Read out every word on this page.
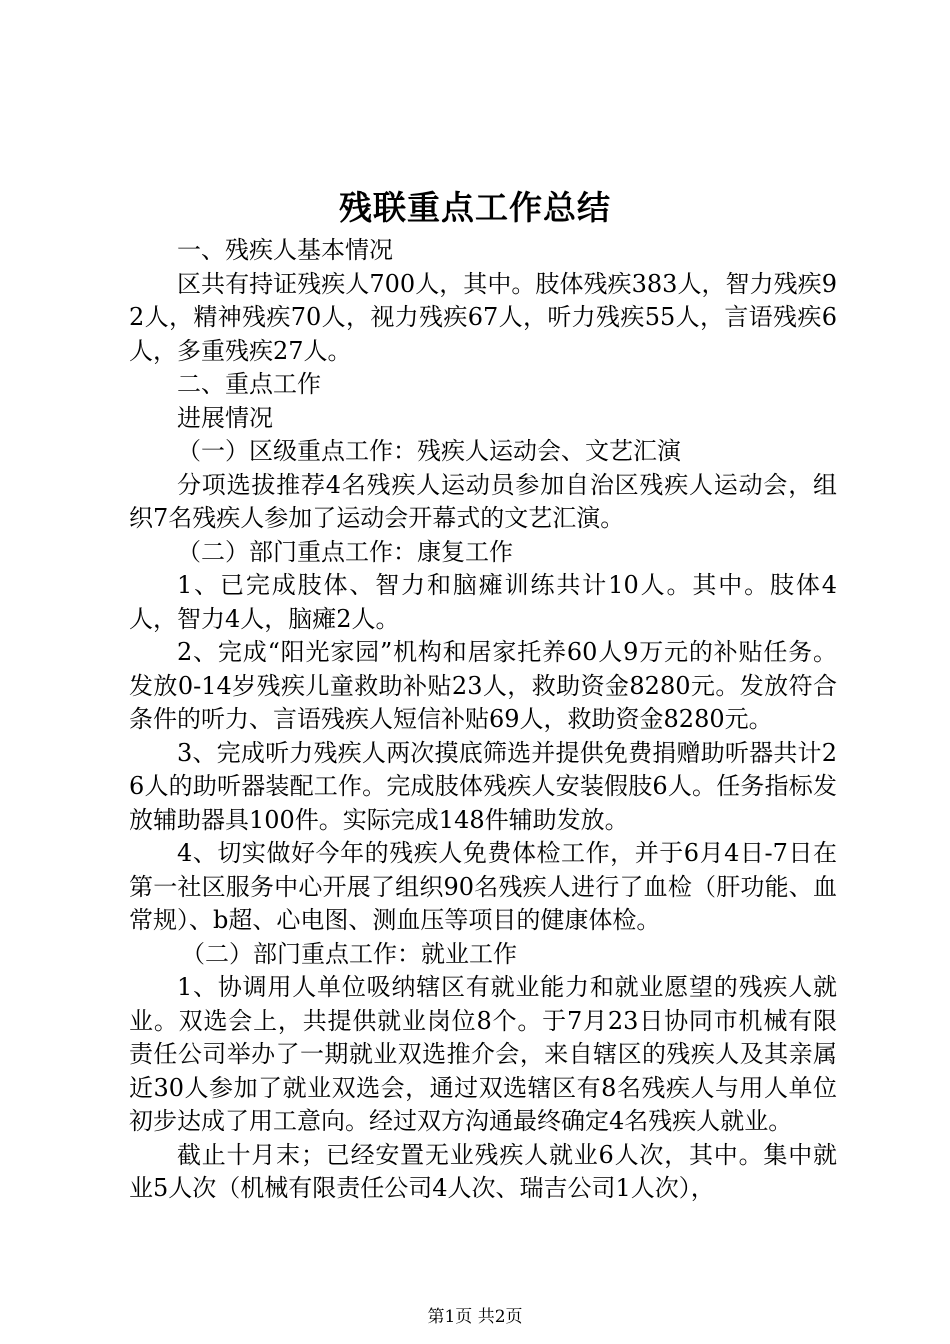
残联重点工作总结

一、残疾人基本情况

区共有持证残疾人700人，其中。肢体残疾383人，智力残疾92人，精神残疾70人，视力残疾67人，听力残疾55人，言语残疾6人，多重残疾27人。

二、重点工作

进展情况

（一）区级重点工作：残疾人运动会、文艺汇演

分项选拔推荐4名残疾人运动员参加自治区残疾人运动会，组织7名残疾人参加了运动会开幕式的文艺汇演。

（二）部门重点工作：康复工作

1、已完成肢体、智力和脑瘫训练共计10人。其中。肢体4人，智力4人，脑瘫2人。

2、完成“阳光家园”机构和居家托养60人9万元的补贴任务。发放0-14岁残疾儿童救助补贴23人，救助资金8280元。发放符合条件的听力、言语残疾人短信补贴69人，救助资金8280元。

3、完成听力残疾人两次摸底筛选并提供免费捐赠助听器共计26人的助听器装配工作。完成肢体残疾人安装假肢6人。任务指标发放辅助器具100件。实际完成148件辅助发放。

4、切实做好今年的残疾人免费体检工作，并于6月4日-7日在第一社区服务中心开展了组织90名残疾人进行了血检（肝功能、血常规）、b超、心电图、测血压等项目的健康体检。

（二）部门重点工作：就业工作

1、协调用人单位吸纳辖区有就业能力和就业愿望的残疾人就业。双选会上，共提供就业岗位8个。于7月23日协同市机械有限责任公司举办了一期就业双选推介会，来自辖区的残疾人及其亲属近30人参加了就业双选会，通过双选辖区有8名残疾人与用人单位初步达成了用工意向。经过双方沟通最终确定4名残疾人就业。

截止十月末；已经安置无业残疾人就业6人次，其中。集中就业5人次（机械有限责任公司4人次、瑞吉公司1人次），

第1页 共2页
